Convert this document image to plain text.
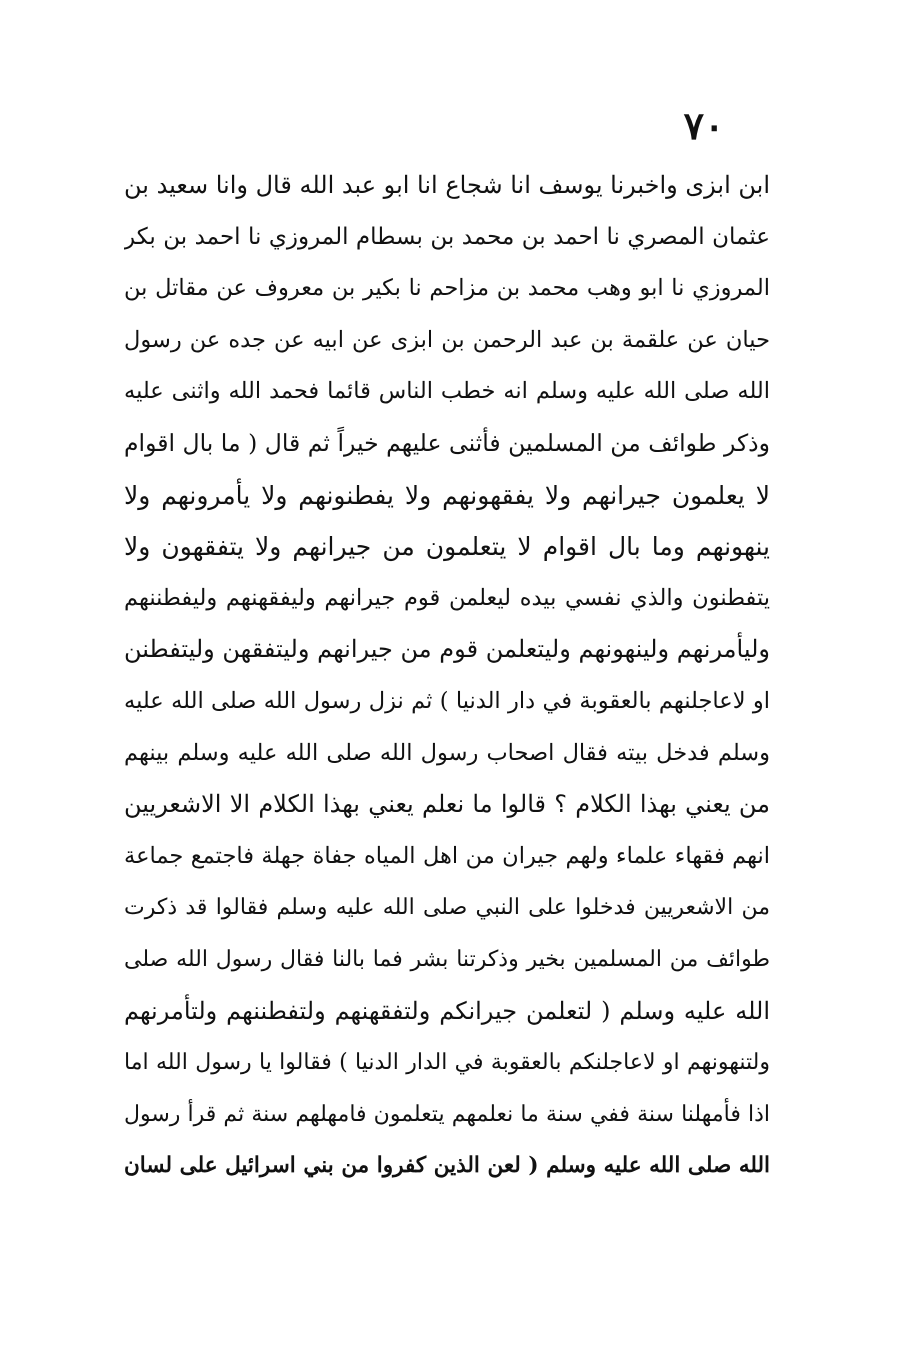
٧٠
ابن ابزى واخبرنا يوسف انا شجاع انا ابو عبد الله قال وانا سعيد بن
عثمان المصري نا احمد بن محمد بن بسطام المروزي نا احمد بن بكر
المروزي نا ابو وهب محمد بن مزاحم نا بكير بن معروف عن مقاتل بن
حيان عن علقمة بن عبد الرحمن بن ابزى عن ابيه عن جده عن رسول
الله صلى الله عليه وسلم انه خطب الناس قائما فحمد الله واثنى عليه
وذكر طوائف من المسلمين فأثنى عليهم خيراً ثم قال ( ما بال اقوام
لا يعلمون جيرانهم ولا يفقهونهم ولا يفطنونهم ولا يأمرونهم ولا
ينهونهم وما بال اقوام لا يتعلمون من جيرانهم ولا يتفقهون ولا
يتفطنون والذي نفسي بيده ليعلمن قوم جيرانهم وليفقهنهم وليفطننهم
وليأمرنهم ولينهونهم وليتعلمن قوم من جيرانهم وليتفقهن وليتفطنن
او لاعاجلنهم بالعقوبة في دار الدنيا ) ثم نزل رسول الله صلى الله عليه
وسلم فدخل بيته فقال اصحاب رسول الله صلى الله عليه وسلم بينهم
من يعني بهذا الكلام ؟ قالوا ما نعلم يعني بهذا الكلام الا الاشعريين
انهم فقهاء علماء ولهم جيران من اهل المياه جفاة جهلة فاجتمع جماعة
من الاشعريين فدخلوا على النبي صلى الله عليه وسلم فقالوا قد ذكرت
طوائف من المسلمين بخير وذكرتنا بشر فما بالنا فقال رسول الله صلى
الله عليه وسلم ( لتعلمن جيرانكم ولتفقهنهم ولتفطننهم ولتأمرنهم
ولتنهونهم او لاعاجلنكم بالعقوبة في الدار الدنيا ) فقالوا يا رسول الله اما
اذا فأمهلنا سنة ففي سنة ما نعلمهم يتعلمون فامهلهم سنة ثم قرأ رسول
الله صلى الله عليه وسلم ( لعن الذين كفروا من بني اسرائيل على لسان
